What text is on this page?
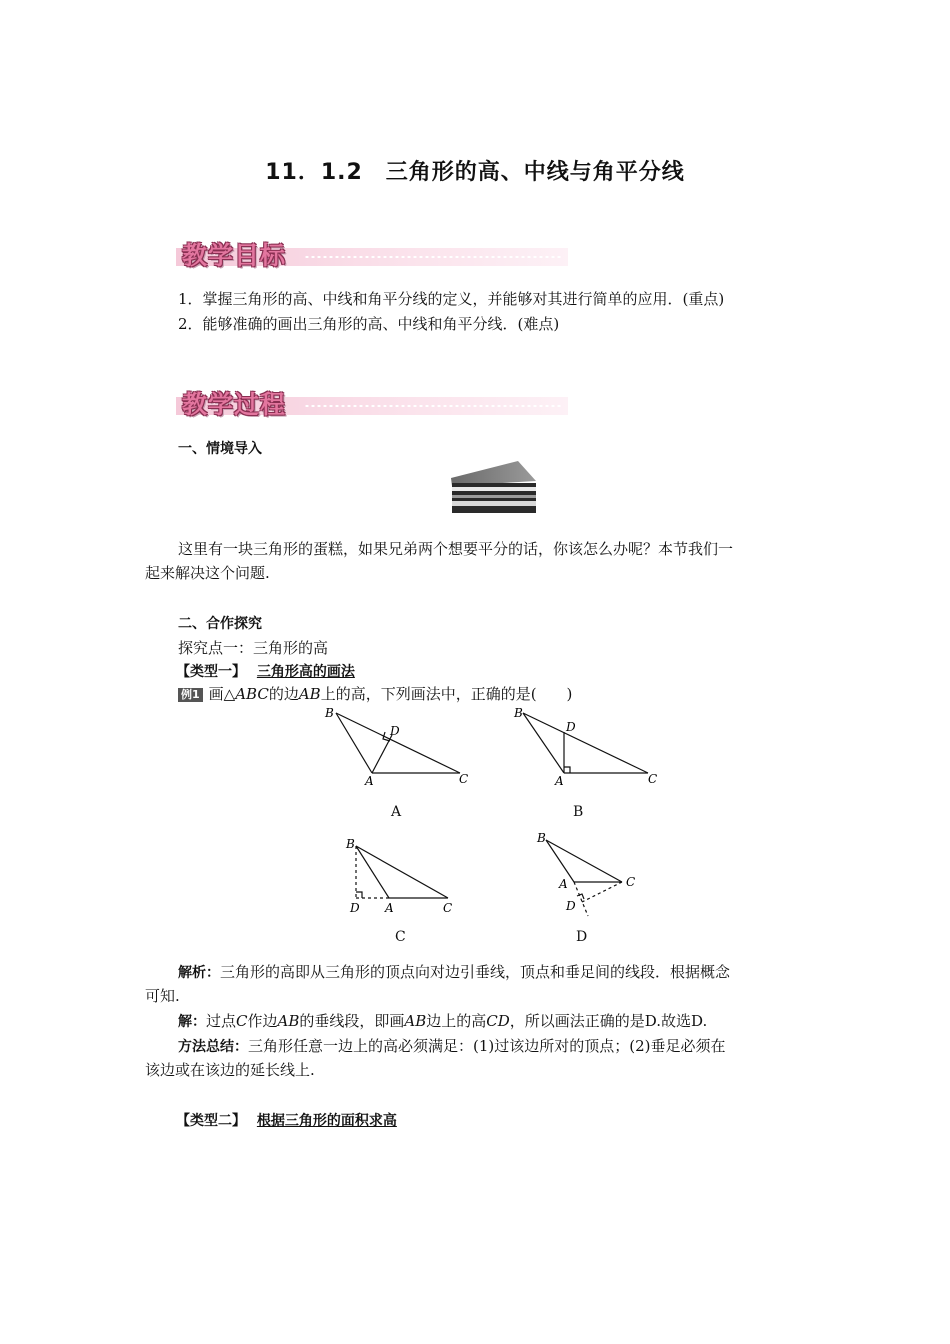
11．1.2　三角形的高、中线与角平分线
教学目标
1．掌握三角形的高、中线和角平分线的定义，并能够对其进行简单的应用．(重点)
2．能够准确的画出三角形的高、中线和角平分线．(难点)
教学过程
一、情境导入
这里有一块三角形的蛋糕，如果兄弟两个想要平分的话，你该怎么办呢？本节我们一
起来解决这个问题.
二、合作探究
探究点一：三角形的高
【类型一】 三角形高的画法
例1 画△ABC的边AB上的高，下列画法中，正确的是(　　)
B
D
A	C
A
B
D
A	C
B
B
D A	C
C
B
A	C
D
D
解析：三角形的高即从三角形的顶点向对边引垂线，顶点和垂足间的线段．根据概念
可知.
解：过点C作边AB的垂线段，即画AB边上的高CD，所以画法正确的是D.故选D.
方法总结：三角形任意一边上的高必须满足：(1)过该边所对的顶点；(2)垂足必须在
该边或在该边的延长线上.
【类型二】 根据三角形的面积求高
